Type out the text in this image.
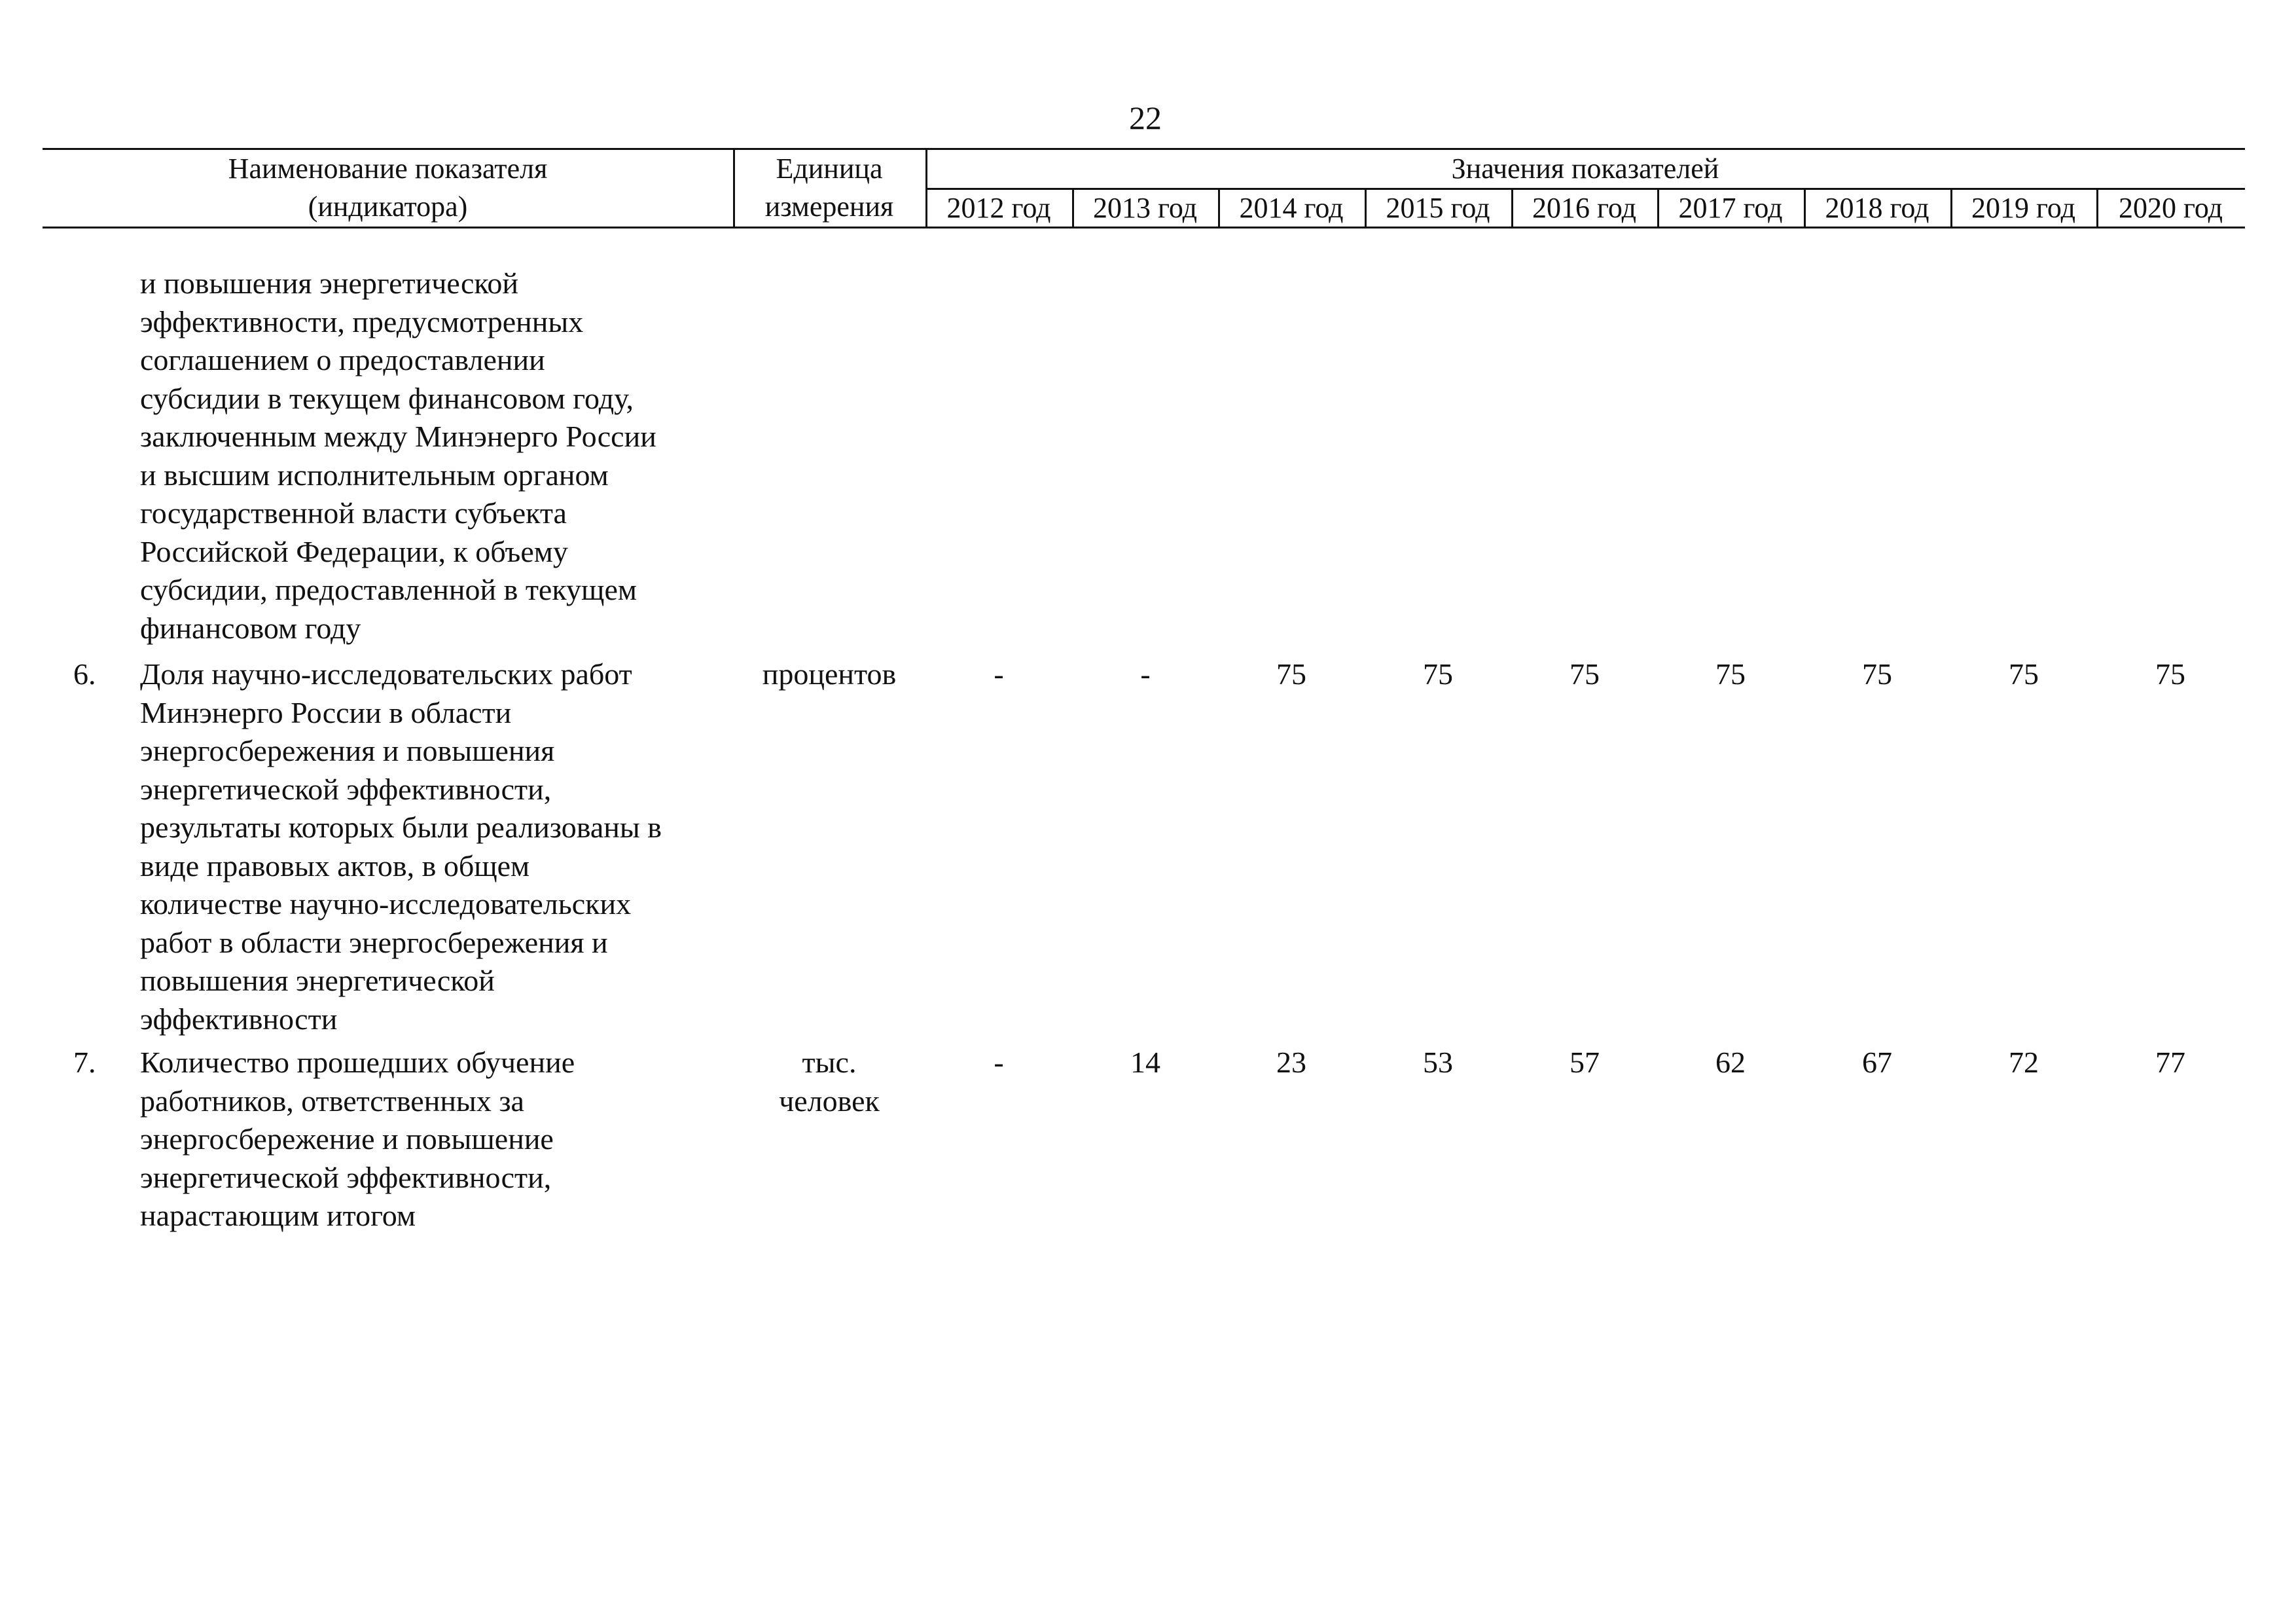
22
Наименование показателя
(индикатора)
Единица
измерения
Значения показателей
2012 год	2013 год	2014 год	2015 год	2016 год	2017 год	2018 год	2019 год	2020 год
и повышения энергетической
эффективности, предусмотренных
соглашением о предоставлении
субсидии в текущем финансовом году,
заключенным между Минэнерго России
и высшим исполнительным органом
государственной власти субъекта
Российской Федерации, к объему
субсидии, предоставленной в текущем
финансовом году
6. Доля научно-исследовательских работ
Минэнерго России в области
энергосбережения и повышения
энергетической эффективности,
результаты которых были реализованы в
виде правовых актов, в общем
количестве научно-исследовательских
работ в области энергосбережения и
повышения энергетической
эффективности
процентов	-	-	75	75	75	75	75	75	75
7. Количество прошедших обучение
работников, ответственных за
энергосбережение и повышение
энергетической эффективности,
нарастающим итогом
тыс.
человек
-	14	23	53	57	62	67	72	77
